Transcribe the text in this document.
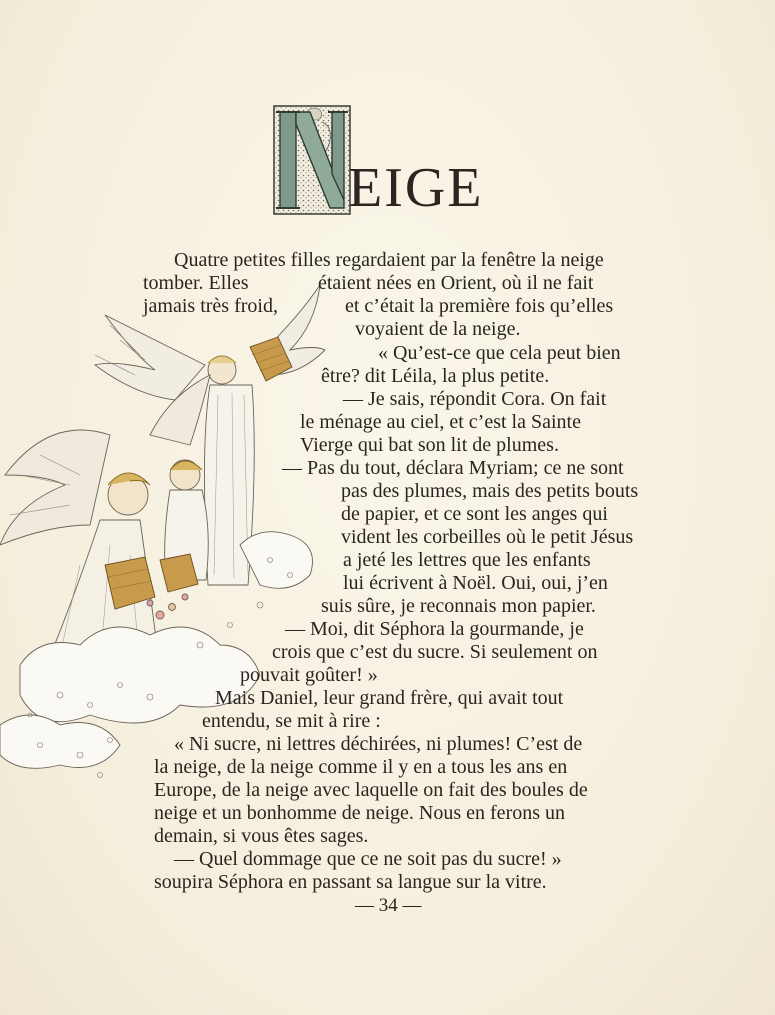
N
EIGE
Quatre petites filles regardaient par la fenêtre la neige
tomber. Elles	étaient nées en Orient, où il ne fait
jamais très froid,	et c’était la première fois qu’elles
voyaient de la neige.
« Qu’est-ce que cela peut bien
être? dit Léila, la plus petite.
— Je sais, répondit Cora. On fait
le ménage au ciel, et c’est la Sainte
Vierge qui bat son lit de plumes.
— Pas du tout, déclara Myriam; ce ne sont
pas des plumes, mais des petits bouts
de papier, et ce sont les anges qui
vident les corbeilles où le petit Jésus
a jeté les lettres que les enfants
lui écrivent à Noël. Oui, oui, j’en
suis sûre, je reconnais mon papier.
— Moi, dit Séphora la gourmande, je
crois que c’est du sucre. Si seulement on
pouvait goûter! »
Mais Daniel, leur grand frère, qui avait tout
entendu, se mit à rire :
« Ni sucre, ni lettres déchirées, ni plumes! C’est de
la neige, de la neige comme il y en a tous les ans en
Europe, de la neige avec laquelle on fait des boules de
neige et un bonhomme de neige. Nous en ferons un
demain, si vous êtes sages.
— Quel dommage que ce ne soit pas du sucre! »
soupira Séphora en passant sa langue sur la vitre.
— 34 —
